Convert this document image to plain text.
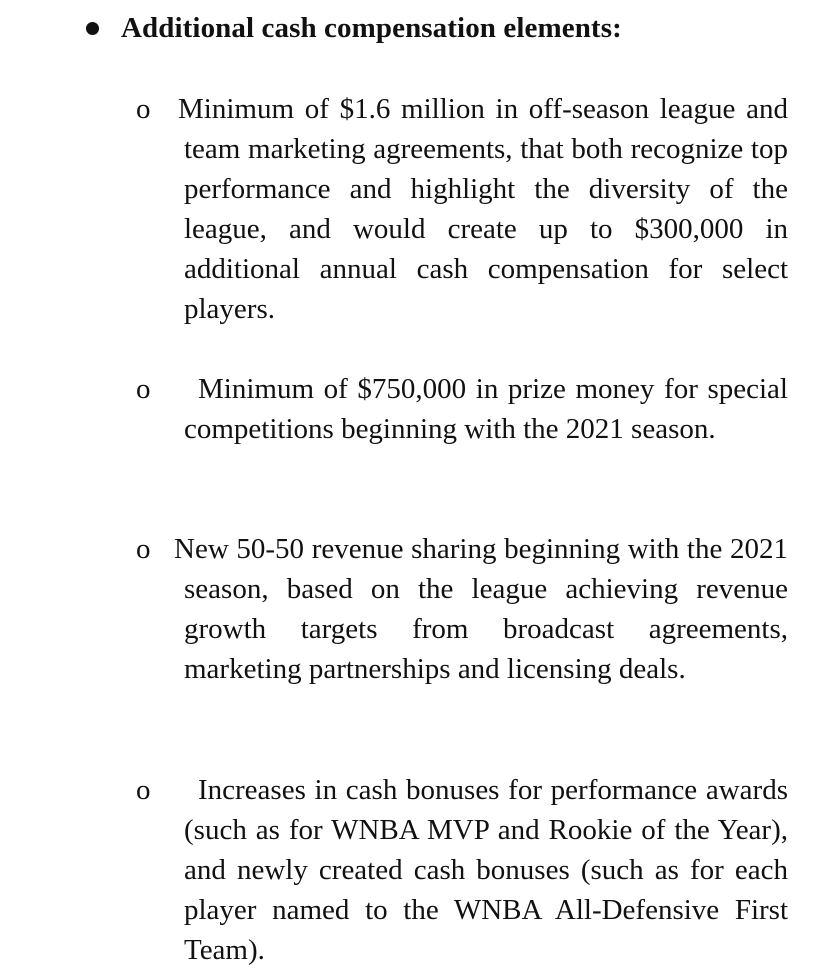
Additional cash compensation elements:
o Minimum of $1.6 million in off-season league and team marketing agreements, that both recognize top performance and highlight the diversity of the league, and would create up to $300,000 in additional annual cash compensation for select players.
o	Minimum of $750,000 in prize money for special competitions beginning with the 2021 season.
o New 50-50 revenue sharing beginning with the 2021 season, based on the league achieving revenue growth targets from broadcast agreements, marketing partnerships and licensing deals.
o	Increases in cash bonuses for performance awards (such as for WNBA MVP and Rookie of the Year), and newly created cash bonuses (such as for each player named to the WNBA All-Defensive First Team).
